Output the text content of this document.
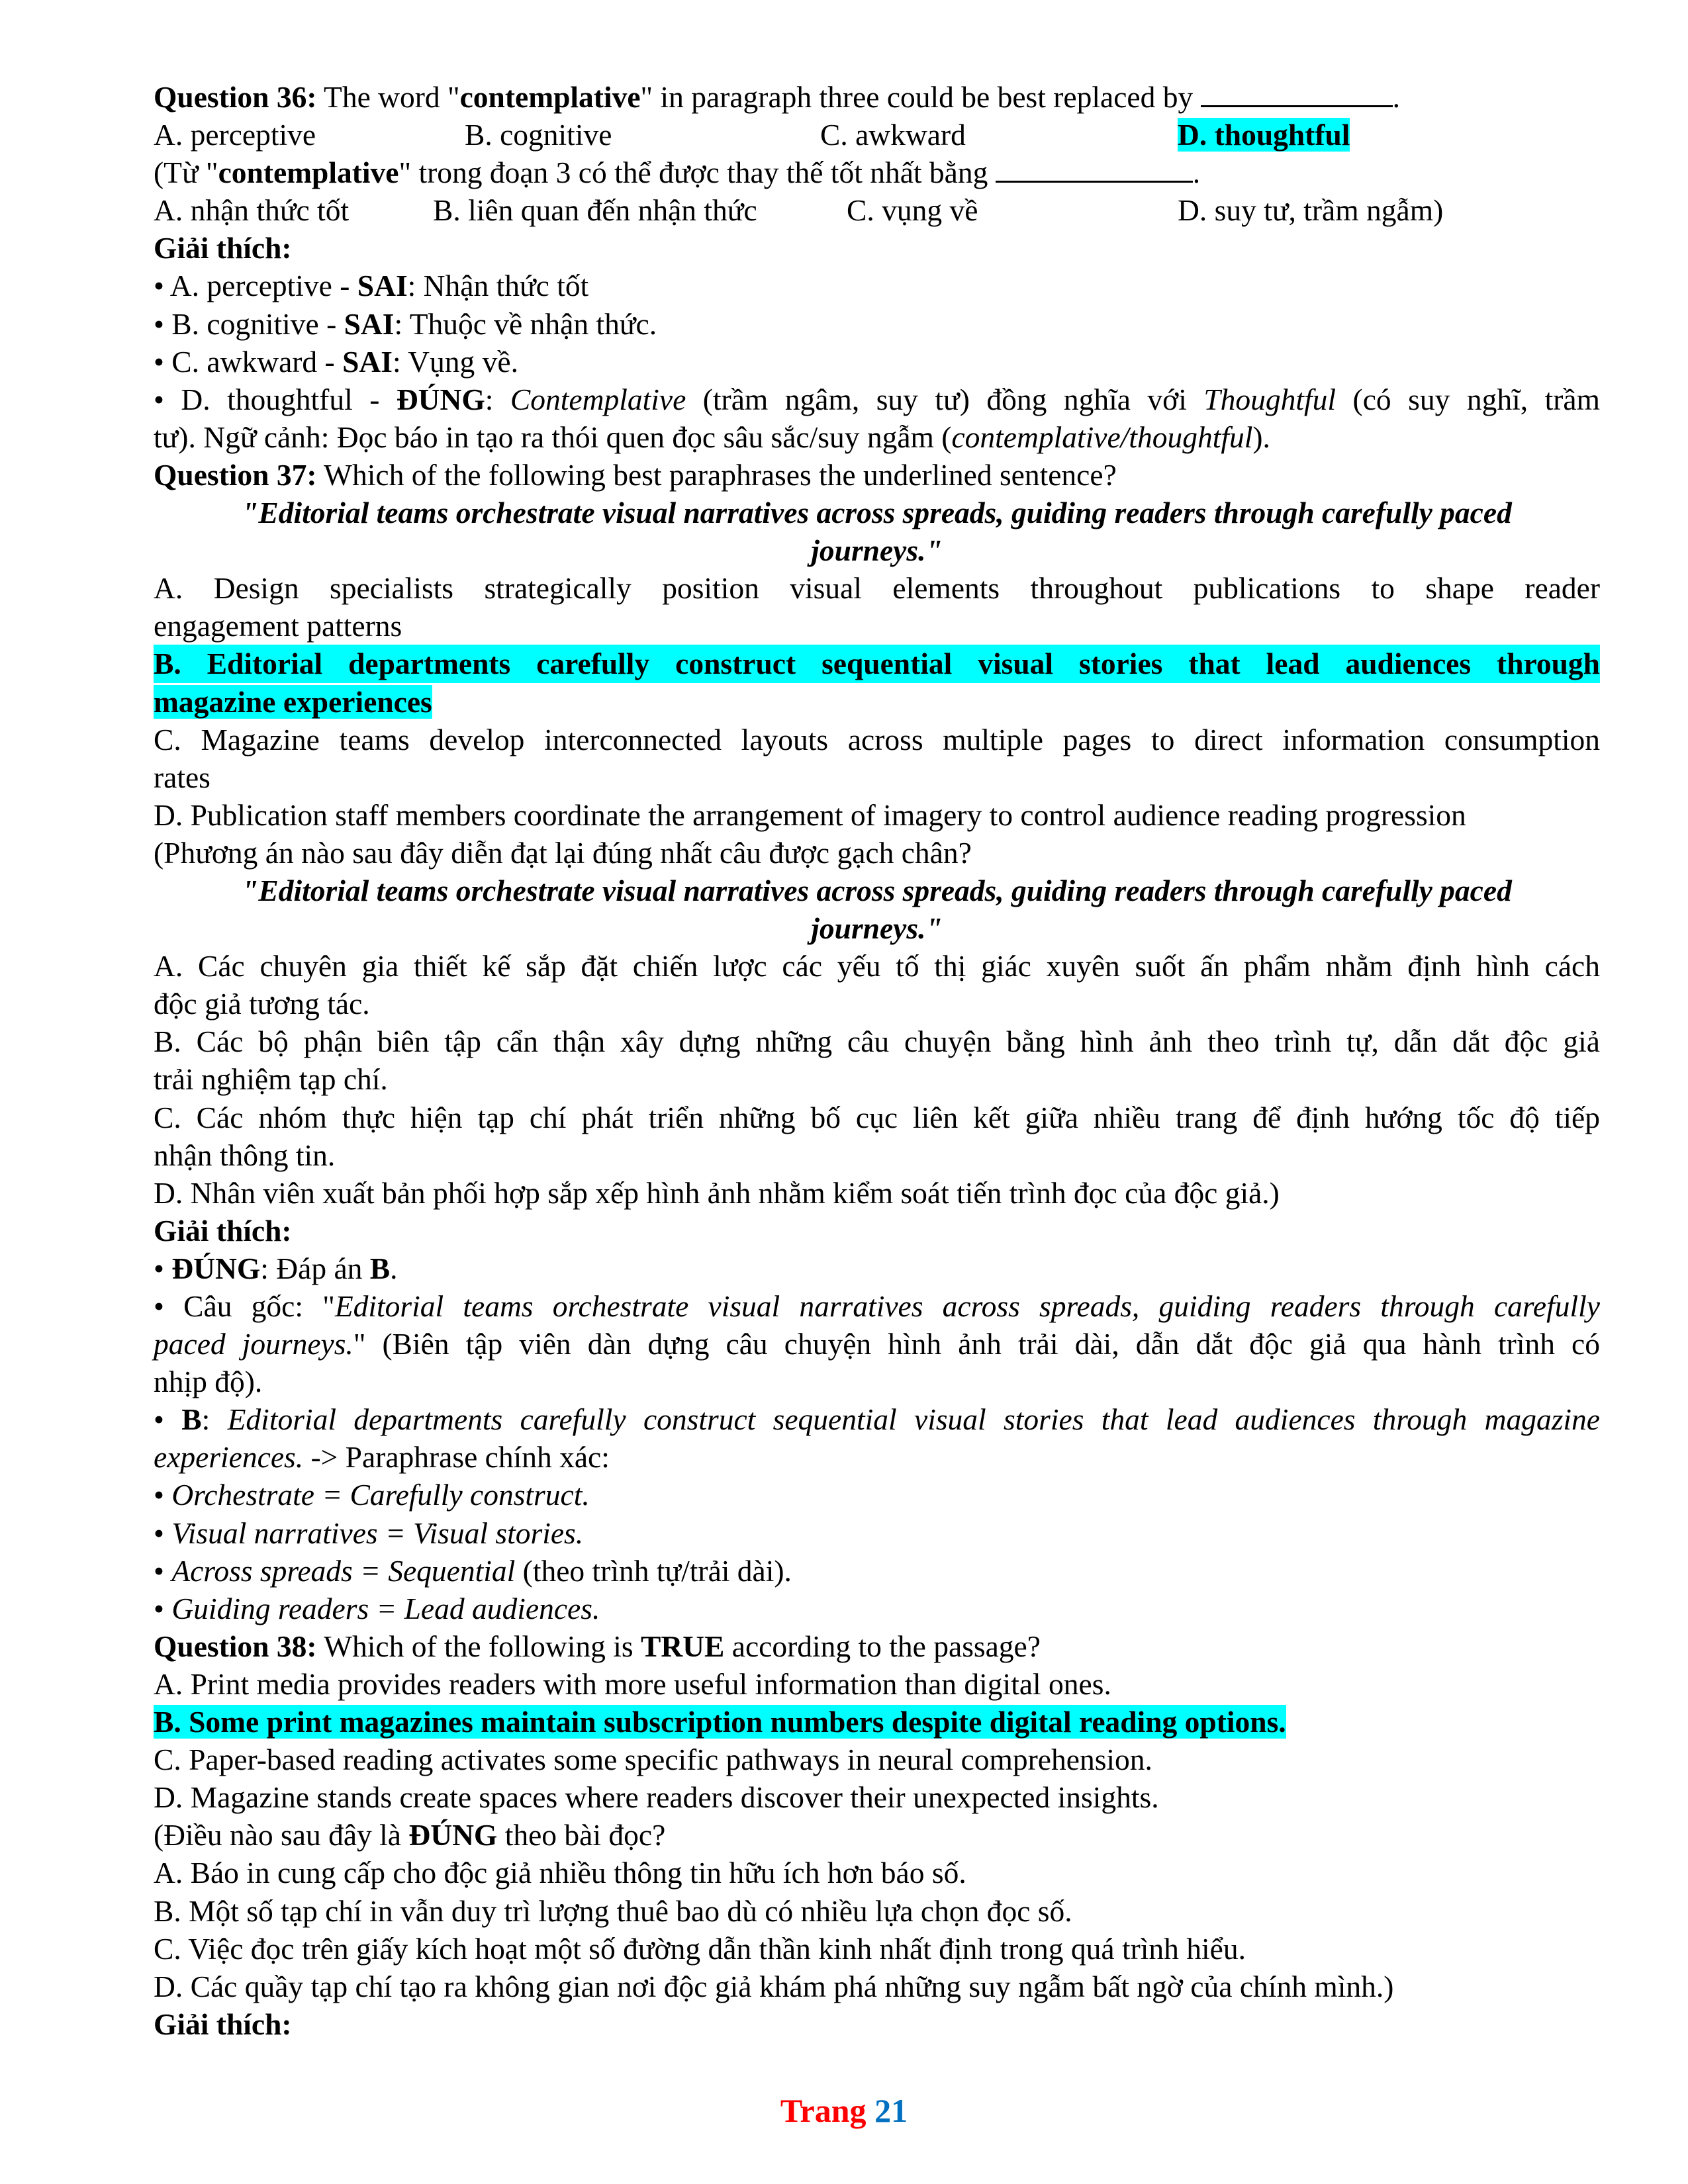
Question 36: The word "contemplative" in paragraph three could be best replaced by	.
A. perceptive	B. cognitive	C. awkward	D. thoughtful
(Từ "contemplative" trong đoạn 3 có thể được thay thế tốt nhất bằng	.
A. nhận thức tốt	B. liên quan đến nhận thức	C. vụng về	D. suy tư, trầm ngẫm)
Giải thích:
• A. perceptive - SAI: Nhận thức tốt
• B. cognitive - SAI: Thuộc về nhận thức.
• C. awkward - SAI: Vụng về.
• D. thoughtful - ĐÚNG: Contemplative (trầm ngâm, suy tư) đồng nghĩa với Thoughtful (có suy nghĩ, trầm
tư). Ngữ cảnh: Đọc báo in tạo ra thói quen đọc sâu sắc/suy ngẫm (contemplative/thoughtful).
Question 37: Which of the following best paraphrases the underlined sentence?
"Editorial teams orchestrate visual narratives across spreads, guiding readers through carefully paced
journeys."
A. Design specialists strategically position visual elements throughout publications to shape reader
engagement patterns
B. Editorial departments carefully construct sequential visual stories that lead audiences through
magazine experiences
C. Magazine teams develop interconnected layouts across multiple pages to direct information consumption
rates
D. Publication staff members coordinate the arrangement of imagery to control audience reading progression
(Phương án nào sau đây diễn đạt lại đúng nhất câu được gạch chân?
"Editorial teams orchestrate visual narratives across spreads, guiding readers through carefully paced
journeys."
A. Các chuyên gia thiết kế sắp đặt chiến lược các yếu tố thị giác xuyên suốt ấn phẩm nhằm định hình cách
độc giả tương tác.
B. Các bộ phận biên tập cẩn thận xây dựng những câu chuyện bằng hình ảnh theo trình tự, dẫn dắt độc giả
trải nghiệm tạp chí.
C. Các nhóm thực hiện tạp chí phát triển những bố cục liên kết giữa nhiều trang để định hướng tốc độ tiếp
nhận thông tin.
D. Nhân viên xuất bản phối hợp sắp xếp hình ảnh nhằm kiểm soát tiến trình đọc của độc giả.)
Giải thích:
• ĐÚNG: Đáp án B.
• Câu gốc: "Editorial teams orchestrate visual narratives across spreads, guiding readers through carefully
paced journeys." (Biên tập viên dàn dựng câu chuyện hình ảnh trải dài, dẫn dắt độc giả qua hành trình có
nhịp độ).
• B: Editorial departments carefully construct sequential visual stories that lead audiences through magazine
experiences. -> Paraphrase chính xác:
• Orchestrate = Carefully construct.
• Visual narratives = Visual stories.
• Across spreads = Sequential (theo trình tự/trải dài).
• Guiding readers = Lead audiences.
Question 38: Which of the following is TRUE according to the passage?
A. Print media provides readers with more useful information than digital ones.
B. Some print magazines maintain subscription numbers despite digital reading options.
C. Paper-based reading activates some specific pathways in neural comprehension.
D. Magazine stands create spaces where readers discover their unexpected insights.
(Điều nào sau đây là ĐÚNG theo bài đọc?
A. Báo in cung cấp cho độc giả nhiều thông tin hữu ích hơn báo số.
B. Một số tạp chí in vẫn duy trì lượng thuê bao dù có nhiều lựa chọn đọc số.
C. Việc đọc trên giấy kích hoạt một số đường dẫn thần kinh nhất định trong quá trình hiểu.
D. Các quầy tạp chí tạo ra không gian nơi độc giả khám phá những suy ngẫm bất ngờ của chính mình.)
Giải thích:
Trang 21
